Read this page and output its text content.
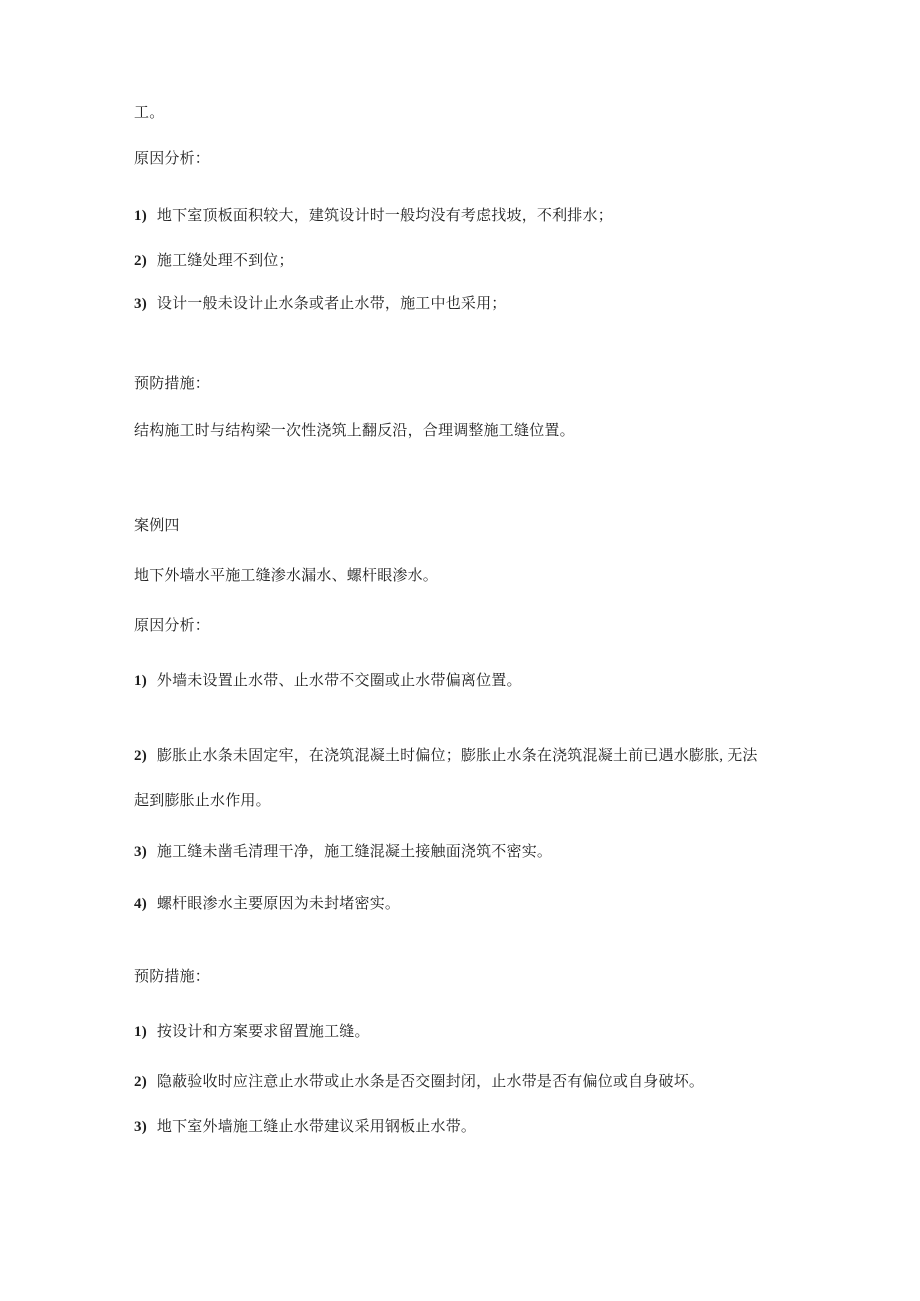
工。
原因分析：
1) 地下室顶板面积较大，建筑设计时一般均没有考虑找坡，不利排水；
2) 施工缝处理不到位；
3) 设计一般未设计止水条或者止水带，施工中也采用；
预防措施：
结构施工时与结构梁一次性浇筑上翻反沿，合理调整施工缝位置。
案例四
地下外墙水平施工缝渗水漏水、螺杆眼渗水。
原因分析：
1) 外墙未设置止水带、止水带不交圈或止水带偏离位置。
2) 膨胀止水条未固定牢，在浇筑混凝土时偏位；膨胀止水条在浇筑混凝土前已遇水膨胀, 无法
起到膨胀止水作用。
3) 施工缝未凿毛清理干净，施工缝混凝土接触面浇筑不密实。
4) 螺杆眼渗水主要原因为未封堵密实。
预防措施：
1) 按设计和方案要求留置施工缝。
2) 隐蔽验收时应注意止水带或止水条是否交圈封闭，止水带是否有偏位或自身破坏。
3) 地下室外墙施工缝止水带建议采用钢板止水带。
